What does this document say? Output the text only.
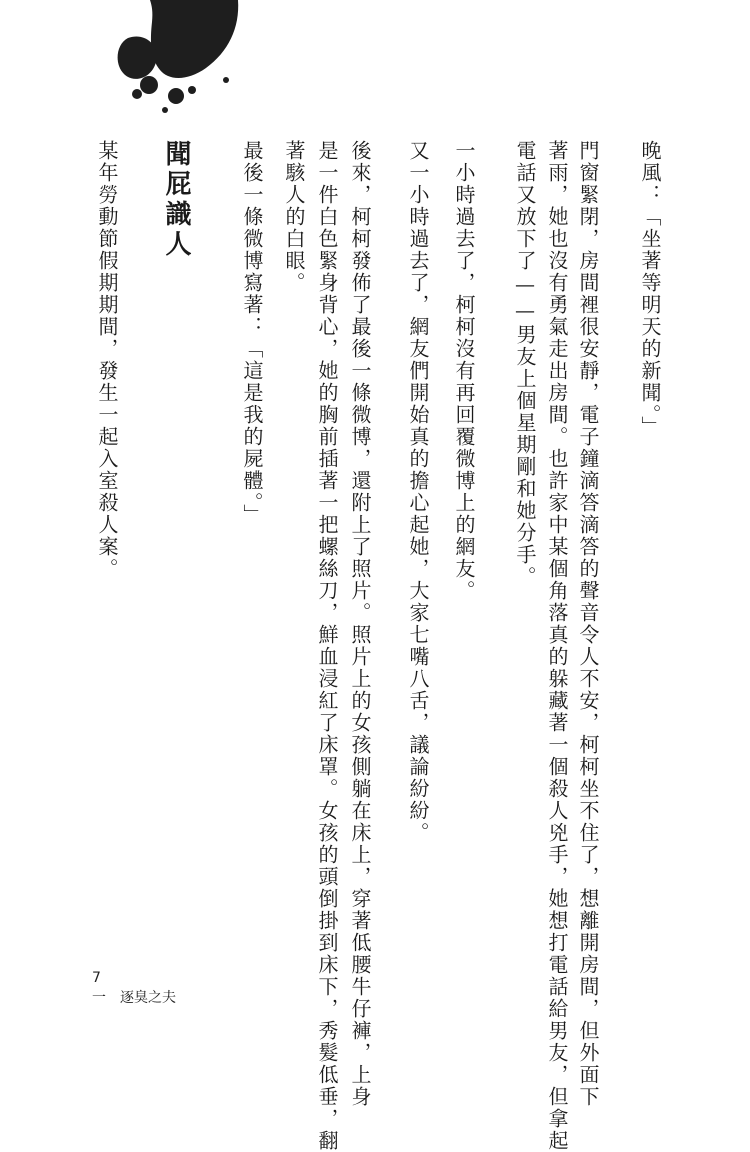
晚風：「坐著等明天的新聞。」
門窗緊閉，房間裡很安靜，電子鐘滴答滴答的聲音令人不安，柯柯坐不住了，想離開房間，但外面下
著雨，她也沒有勇氣走出房間。也許家中某個角落真的躲藏著一個殺人兇手，她想打電話給男友，但拿起
電話又放下了——男友上個星期剛和她分手。
一小時過去了，柯柯沒有再回覆微博上的網友。
又一小時過去了，網友們開始真的擔心起她，大家七嘴八舌，議論紛紛。
後來，柯柯發佈了最後一條微博，還附上了照片。照片上的女孩側躺在床上，穿著低腰牛仔褲，上身
是一件白色緊身背心，她的胸前插著一把螺絲刀，鮮血浸紅了床罩。女孩的頭倒掛到床下，秀髮低垂，翻
著駭人的白眼。
最後一條微博寫著：「這是我的屍體。」
聞屁識人
某年勞動節假期期間，發生一起入室殺人案。
7
一　逐臭之夫
